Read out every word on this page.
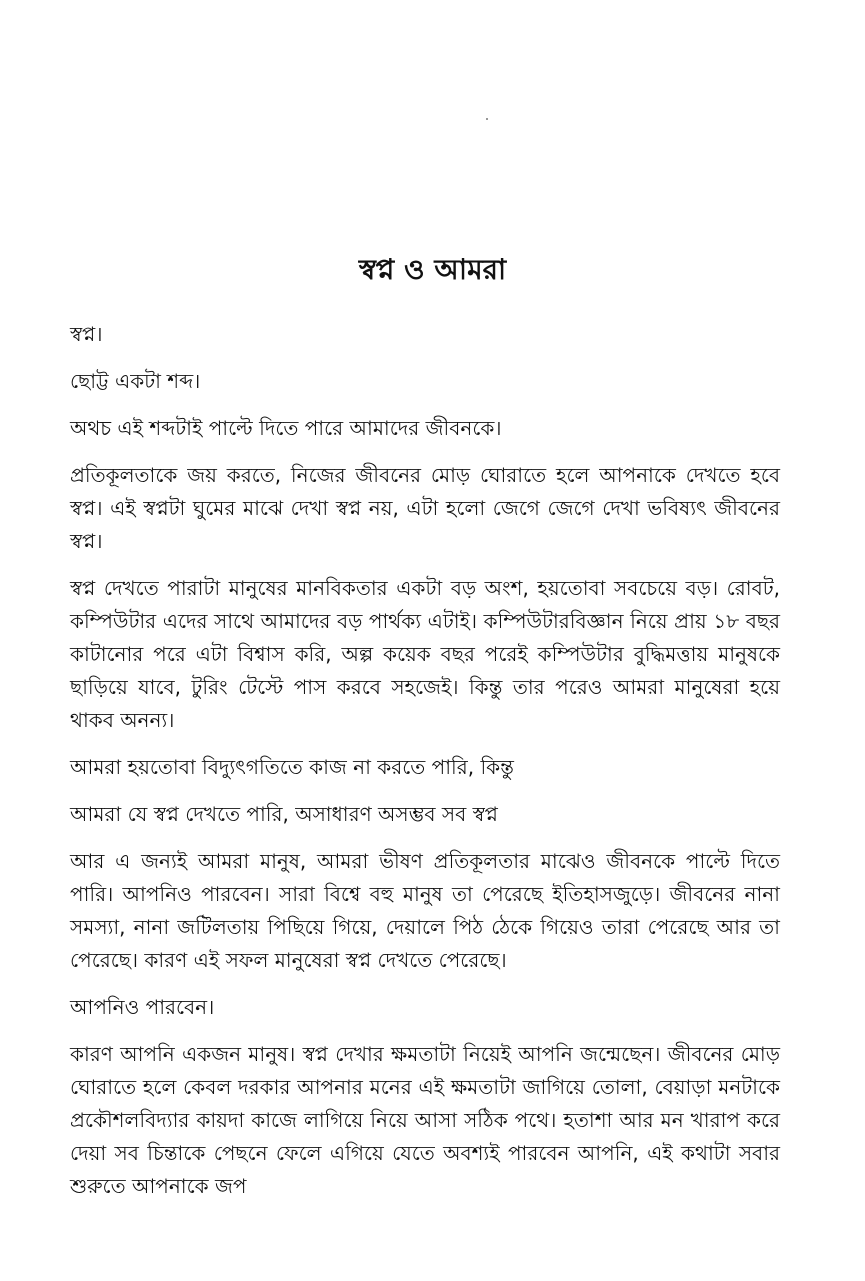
স্বপ্ন ও আমরা

স্বপ্ন।

ছোট্ট একটা শব্দ।

অথচ এই শব্দটাই পাল্টে দিতে পারে আমাদের জীবনকে।

প্রতিকূলতাকে জয় করতে, নিজের জীবনের মোড় ঘোরাতে হলে আপনাকে দেখতে হবে স্বপ্ন। এই স্বপ্নটা ঘুমের মাঝে দেখা স্বপ্ন নয়, এটা হলো জেগে জেগে দেখা ভবিষ্যৎ জীবনের স্বপ্ন।

স্বপ্ন দেখতে পারাটা মানুষের মানবিকতার একটা বড় অংশ, হয়তোবা সবচেয়ে বড়। রোবট, কম্পিউটার এদের সাথে আমাদের বড় পার্থক্য এটাই। কম্পিউটারবিজ্ঞান নিয়ে প্রায় ১৮ বছর কাটানোর পরে এটা বিশ্বাস করি, অল্প কয়েক বছর পরেই কম্পিউটার বুদ্ধিমত্তায় মানুষকে ছাড়িয়ে যাবে, টুরিং টেস্টে পাস করবে সহজেই। কিন্তু তার পরেও আমরা মানুষেরা হয়ে থাকব অনন্য।

আমরা হয়তোবা বিদ্যুৎগতিতে কাজ না করতে পারি, কিন্তু

আমরা যে স্বপ্ন দেখতে পারি, অসাধারণ অসম্ভব সব স্বপ্ন

আর এ জন্যই আমরা মানুষ, আমরা ভীষণ প্রতিকূলতার মাঝেও জীবনকে পাল্টে দিতে পারি। আপনিও পারবেন। সারা বিশ্বে বহু মানুষ তা পেরেছে ইতিহাসজুড়ে। জীবনের নানা সমস্যা, নানা জটিলতায় পিছিয়ে গিয়ে, দেয়ালে পিঠ ঠেকে গিয়েও তারা পেরেছে আর তা পেরেছে। কারণ এই সফল মানুষেরা স্বপ্ন দেখতে পেরেছে।

আপনিও পারবেন।

কারণ আপনি একজন মানুষ। স্বপ্ন দেখার ক্ষমতাটা নিয়েই আপনি জন্মেছেন। জীবনের মোড় ঘোরাতে হলে কেবল দরকার আপনার মনের এই ক্ষমতাটা জাগিয়ে তোলা, বেয়াড়া মনটাকে প্রকৌশলবিদ্যার কায়দা কাজে লাগিয়ে নিয়ে আসা সঠিক পথে। হতাশা আর মন খারাপ করে দেয়া সব চিন্তাকে পেছনে ফেলে এগিয়ে যেতে অবশ্যই পারবেন আপনি, এই কথাটা সবার শুরুতে আপনাকে জপ
